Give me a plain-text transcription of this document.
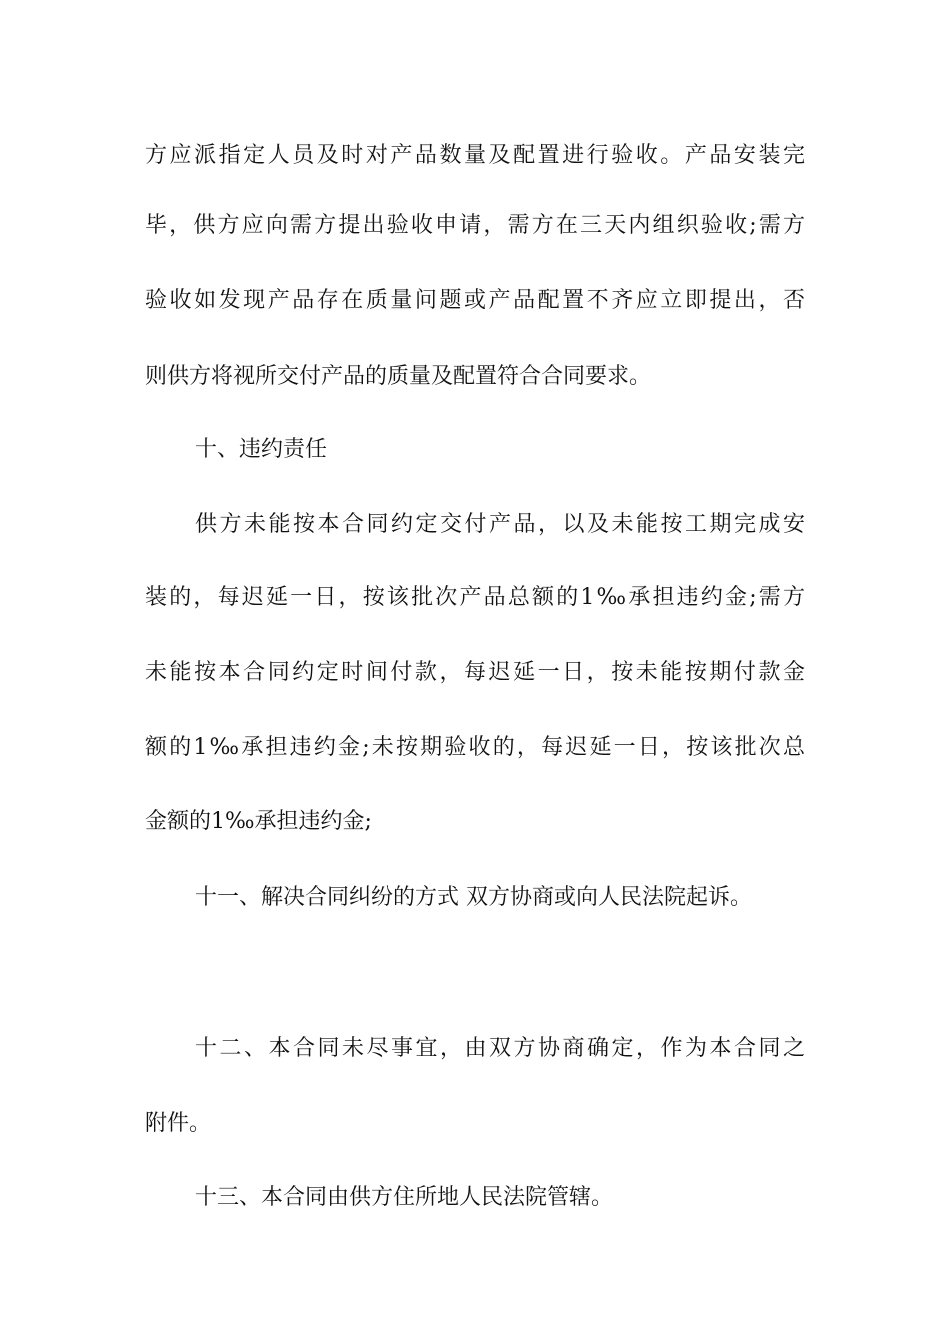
方应派指定人员及时对产品数量及配置进行验收。产品安装完
毕，供方应向需方提出验收申请，需方在三天内组织验收;需方
验收如发现产品存在质量问题或产品配置不齐应立即提出，否
则供方将视所交付产品的质量及配置符合合同要求。
十、违约责任
供方未能按本合同约定交付产品，以及未能按工期完成安
装的，每迟延一日，按该批次产品总额的1‰承担违约金;需方
未能按本合同约定时间付款，每迟延一日，按未能按期付款金
额的1‰承担违约金;未按期验收的，每迟延一日，按该批次总
金额的1‰承担违约金;
十一、解决合同纠纷的方式 双方协商或向人民法院起诉。
十二、本合同未尽事宜，由双方协商确定，作为本合同之
附件。
十三、本合同由供方住所地人民法院管辖。
